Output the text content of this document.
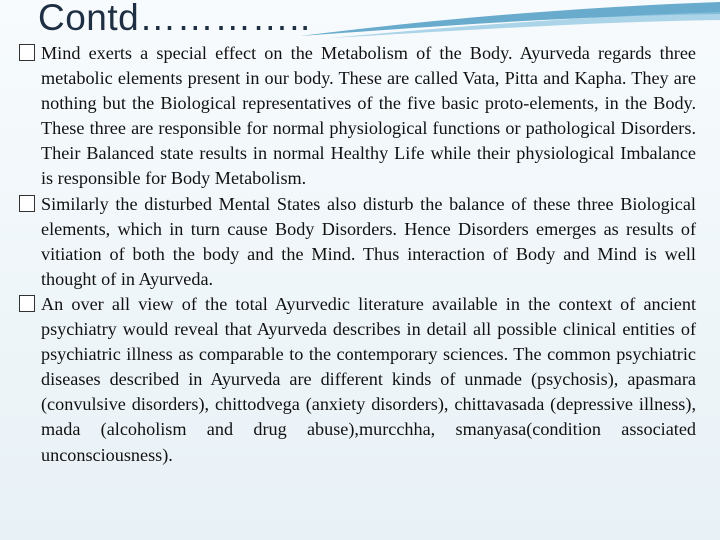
Contd…………..

Mind exerts a special effect on the Metabolism of the Body. Ayurveda regards three metabolic elements present in our body. These are called Vata, Pitta and Kapha. They are nothing but the Biological representatives of the five basic proto-elements, in the Body. These three are responsible for normal physiological functions or pathological Disorders. Their Balanced state results in normal Healthy Life while their physiological Imbalance is responsible for Body Metabolism.

Similarly the disturbed Mental States also disturb the balance of these three Biological elements, which in turn cause Body Disorders. Hence Disorders emerges as results of vitiation of both the body and the Mind. Thus interaction of Body and Mind is well thought of in Ayurveda.

An over all view of the total Ayurvedic literature available in the context of ancient psychiatry would reveal that Ayurveda describes in detail all possible clinical entities of psychiatric illness as comparable to the contemporary sciences. The common psychiatric diseases described in Ayurveda are different kinds of unmade (psychosis), apasmara (convulsive disorders), chittodvega (anxiety disorders), chittavasada (depressive illness), mada (alcoholism and drug abuse),murcchha, smanyasa(condition associated unconsciousness).
